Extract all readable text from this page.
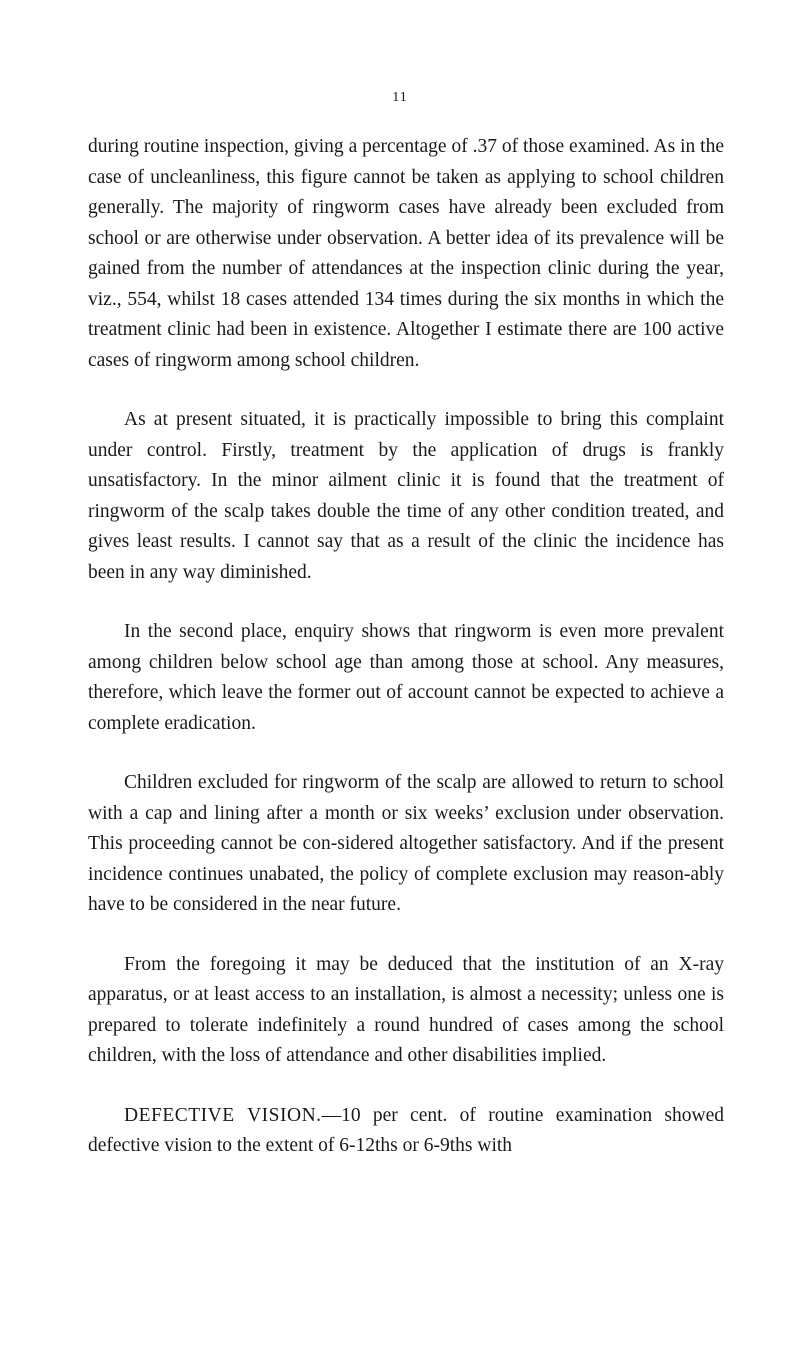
11

during routine inspection, giving a percentage of .37 of those examined. As in the case of uncleanliness, this figure cannot be taken as applying to school children generally. The majority of ringworm cases have already been excluded from school or are otherwise under observation. A better idea of its prevalence will be gained from the number of attendances at the inspection clinic during the year, viz., 554, whilst 18 cases attended 134 times during the six months in which the treatment clinic had been in existence. Altogether I estimate there are 100 active cases of ringworm among school children.

As at present situated, it is practically impossible to bring this complaint under control. Firstly, treatment by the application of drugs is frankly unsatisfactory. In the minor ailment clinic it is found that the treatment of ringworm of the scalp takes double the time of any other condition treated, and gives least results. I cannot say that as a result of the clinic the incidence has been in any way diminished.

In the second place, enquiry shows that ringworm is even more prevalent among children below school age than among those at school. Any measures, therefore, which leave the former out of account cannot be expected to achieve a complete eradication.

Children excluded for ringworm of the scalp are allowed to return to school with a cap and lining after a month or six weeks’ exclusion under observation. This proceeding cannot be con-sidered altogether satisfactory. And if the present incidence continues unabated, the policy of complete exclusion may reason-ably have to be considered in the near future.

From the foregoing it may be deduced that the institution of an X-ray apparatus, or at least access to an installation, is almost a necessity; unless one is prepared to tolerate indefinitely a round hundred of cases among the school children, with the loss of attendance and other disabilities implied.

DEFECTIVE VISION.—10 per cent. of routine examination showed defective vision to the extent of 6-12ths or 6-9ths with
